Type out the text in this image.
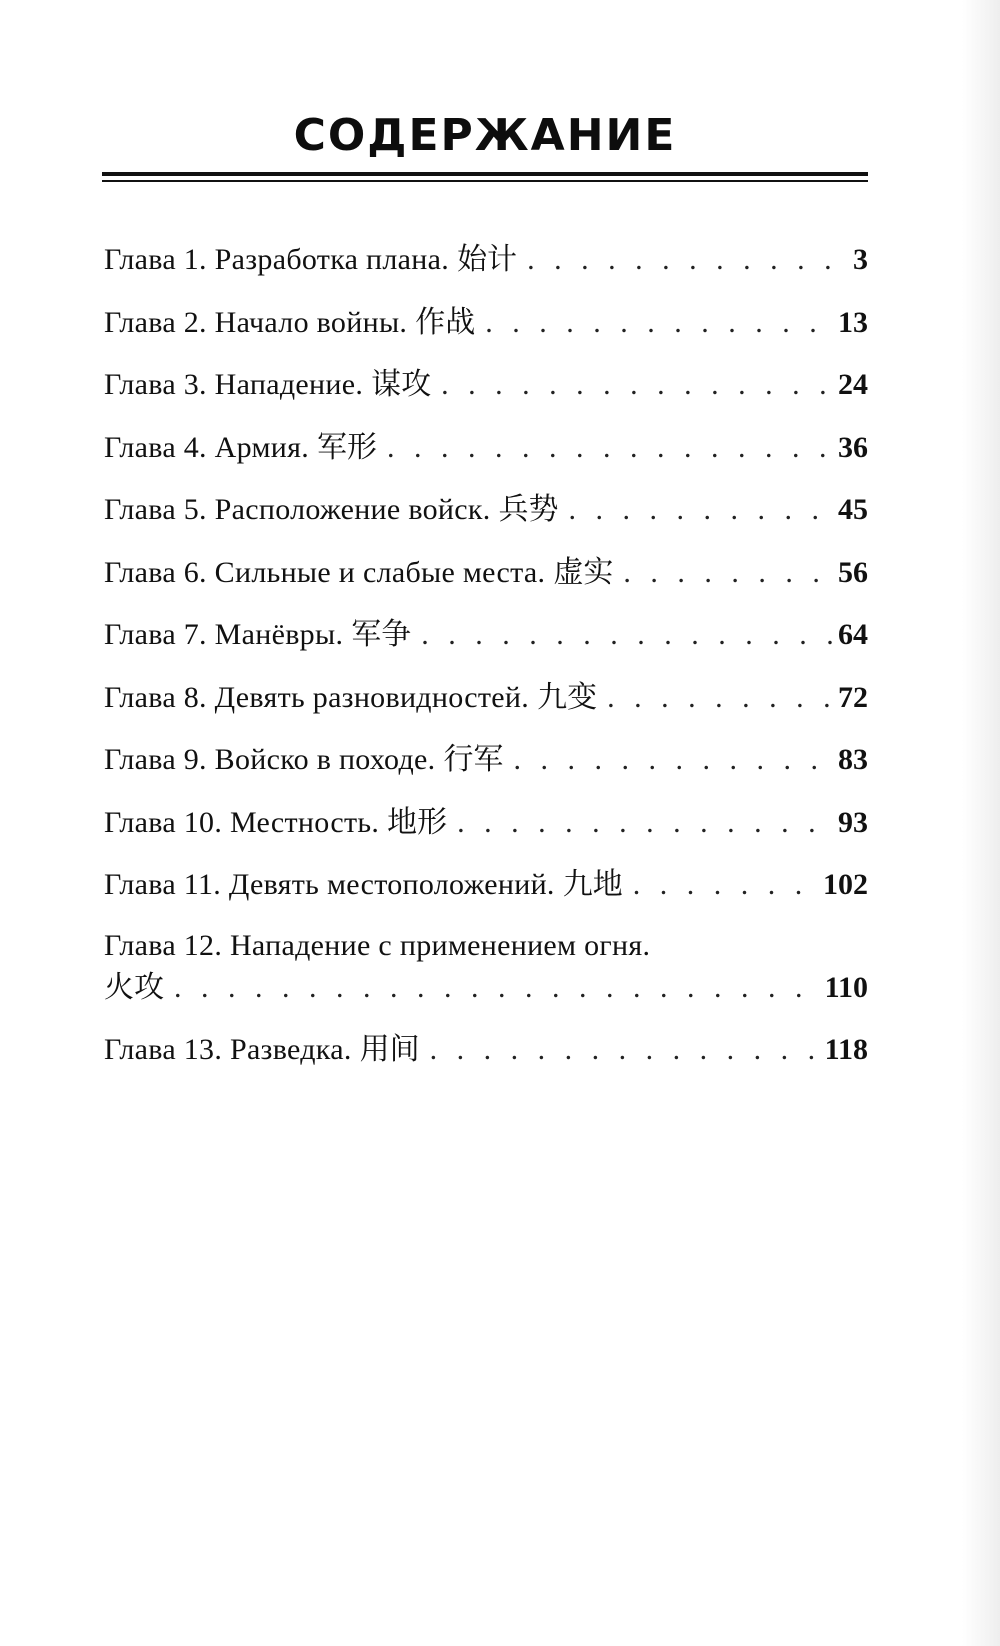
СОДЕРЖАНИЕ
Глава 1. Разработка плана. 始计 . . .	3
Глава 2. Начало войны. 作战 . . .	13
Глава 3. Нападение. 谋攻 . . .	24
Глава 4. Армия. 军形 . . .	36
Глава 5. Расположение войск. 兵势 . . .	45
Глава 6. Сильные и слабые места. 虚实 . . .	56
Глава 7. Манёвры. 军争 . . .	64
Глава 8. Девять разновидностей. 九变 . . .	72
Глава 9. Войско в походе. 行军 . . .	83
Глава 10. Местность. 地形 . . .	93
Глава 11. Девять местоположений. 九地 . . .	102
Глава 12. Нападение с применением огня.
火攻 . . .	110
Глава 13. Разведка. 用间 . . .	118
